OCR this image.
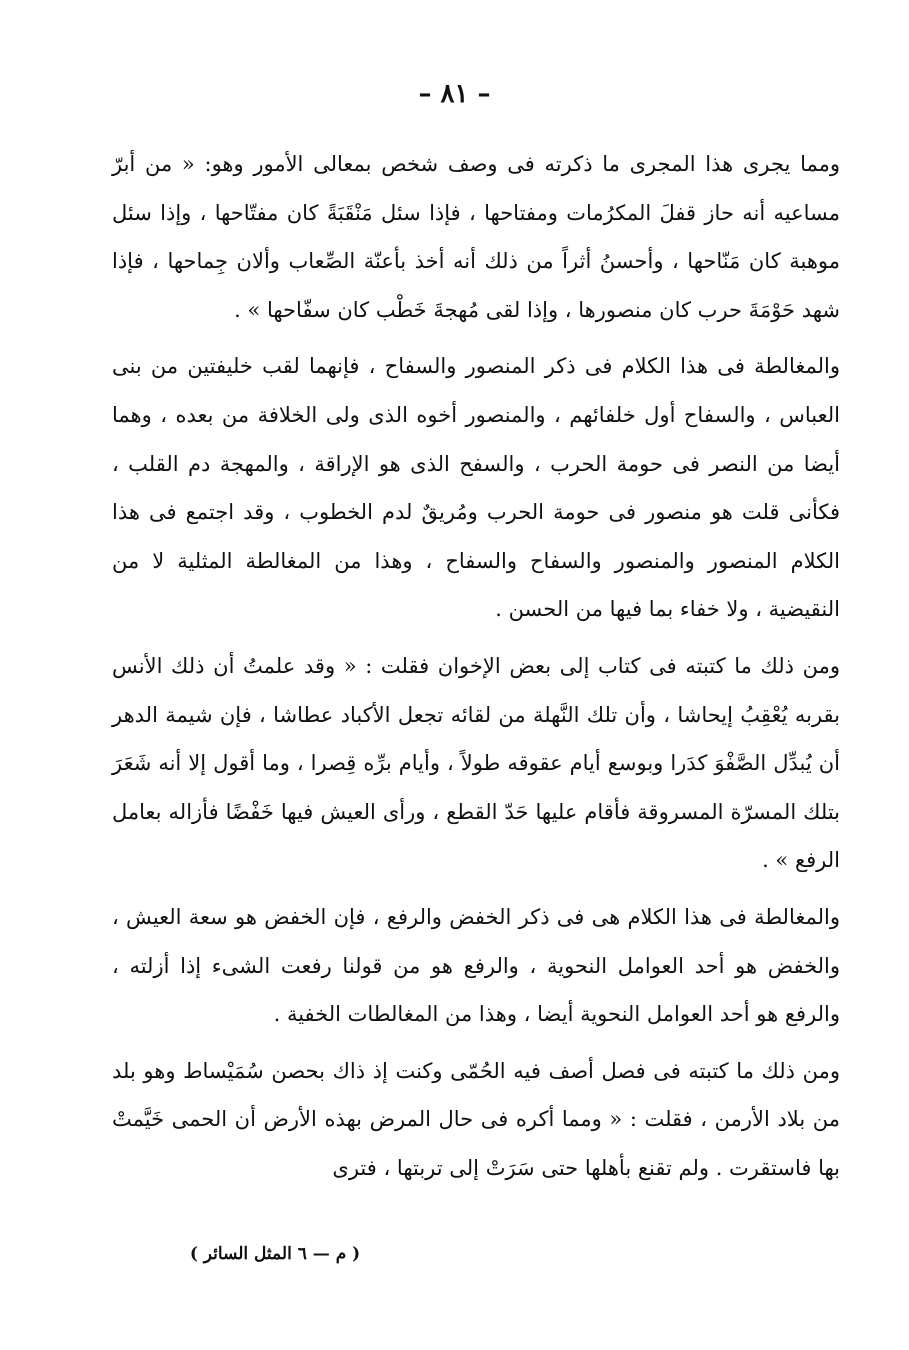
– ٨١ –

ومما يجرى هذا المجرى ما ذكرته فى وصف شخص بمعالى الأمور وهو: « من أبرّ مساعيه أنه حاز قفلَ المكرُمات ومفتاحها ، فإذا سئل مَنْقَبَةً كان مفتّاحها ، وإذا سئل موهبة كان مَنّاحها ، وأحسنُ أثراً من ذلك أنه أخذ بأعنّة الصِّعاب وألان جِماحها ، فإذا شهد حَوْمَةَ حرب كان منصورها ، وإذا لقى مُهجةَ خَطْب كان سفّاحها » .

والمغالطة فى هذا الكلام فى ذكر المنصور والسفاح ، فإنهما لقب خليفتين من بنى العباس ، والسفاح أول خلفائهم ، والمنصور أخوه الذى ولى الخلافة من بعده ، وهما أيضا من النصر فى حومة الحرب ، والسفح الذى هو الإراقة ، والمهجة دم القلب ، فكأنى قلت هو منصور فى حومة الحرب ومُريقٌ لدم الخطوب ، وقد اجتمع فى هذا الكلام المنصور والمنصور والسفاح والسفاح ، وهذا من المغالطة المثلية لا من النقيضية ، ولا خفاء بما فيها من الحسن .

ومن ذلك ما كتبته فى كتاب إلى بعض الإخوان فقلت : « وقد علمتُ أن ذلك الأنس بقربه يُعْقِبُ إيحاشا ، وأن تلك النَّهلة من لقائه تجعل الأكباد عطاشا ، فإن شيمة الدهر أن يُبدِّل الصَّفْوَ كدَرا وبوسع أيام عقوقه طولاً ، وأيام برِّه قِصرا ، وما أقول إلا أنه شَعَرَ بتلك المسرّة المسروقة فأقام عليها حَدّ القطع ، ورأى العيش فيها خَفْضًا فأزاله بعامل الرفع » .

والمغالطة فى هذا الكلام هى فى ذكر الخفض والرفع ، فإن الخفض هو سعة العيش ، والخفض هو أحد العوامل النحوية ، والرفع هو من قولنا رفعت الشىء إذا أزلته ، والرفع هو أحد العوامل النحوية أيضا ، وهذا من المغالطات الخفية .

ومن ذلك ما كتبته فى فصل أصف فيه الحُمّى وكنت إذ ذاك بحصن سُمَيْساط وهو بلد من بلاد الأرمن ، فقلت : « ومما أكره فى حال المرض بهذه الأرض أن الحمى خَيَّمتْ بها فاستقرت . ولم تقنع بأهلها حتى سَرَتْ إلى تربتها ، فترى

( م — ٦ المثل السائر )
